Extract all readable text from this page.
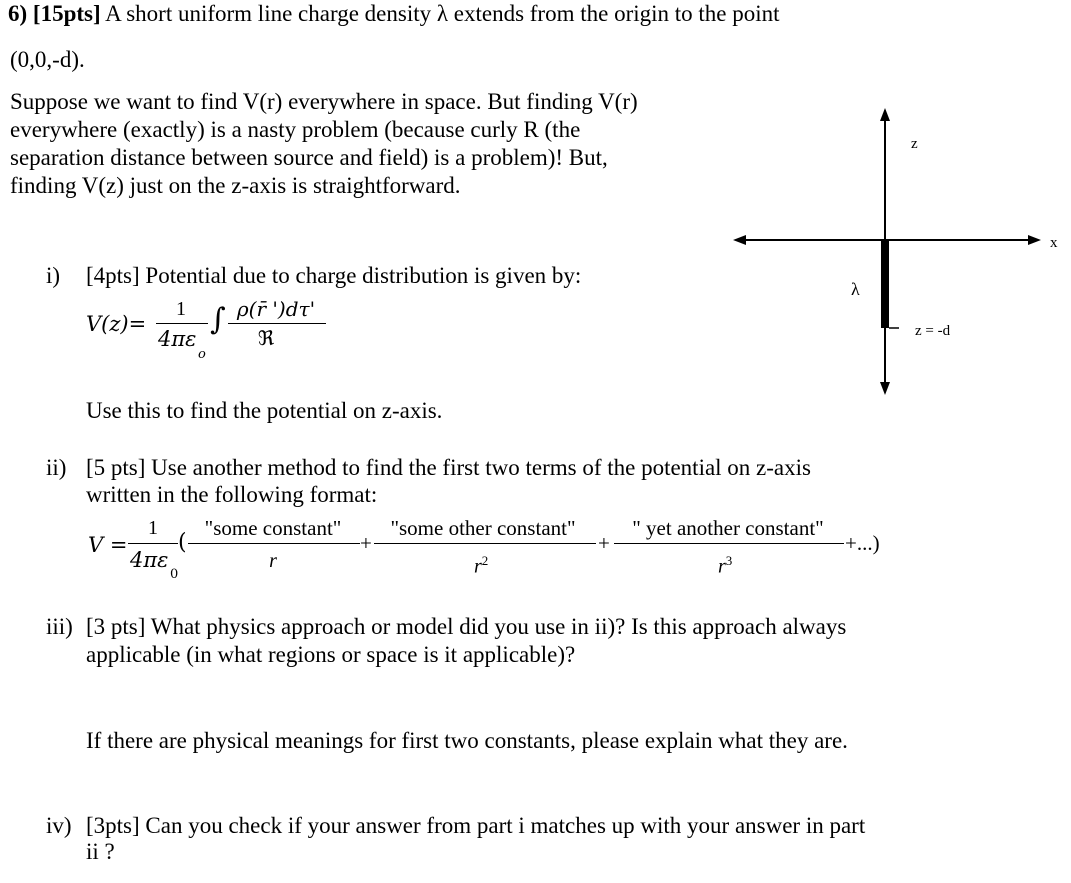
6) [15pts] A short uniform line charge density λ extends from the origin to the point
(0,0,-d).
Suppose we want to find V(r) everywhere in space. But finding V(r)
everywhere (exactly) is a nasty problem (because curly R (the
separation distance between source and field) is a problem)! But,
finding V(z) just on the z-axis is straightforward.
z
x
λ
z = -d
i) [4pts] Potential due to charge distribution is given by:
V(z)=
1
4πε
o
∫ ρ(r̄ ')dτ'
ℜ
Use this to find the potential on z-axis.
ii) [5 pts] Use another method to find the first two terms of the potential on z-axis
written in the following format:
V =
1
4πε
0
(
"some constant"
r
+
"some other constant"
$r^2$
+
" yet another constant"
$r^3$
+...)
iii) [3 pts] What physics approach or model did you use in ii)? Is this approach always
applicable (in what regions or space is it applicable)?
If there are physical meanings for first two constants, please explain what they are.
iv) [3pts] Can you check if your answer from part i matches up with your answer in part
ii ?
